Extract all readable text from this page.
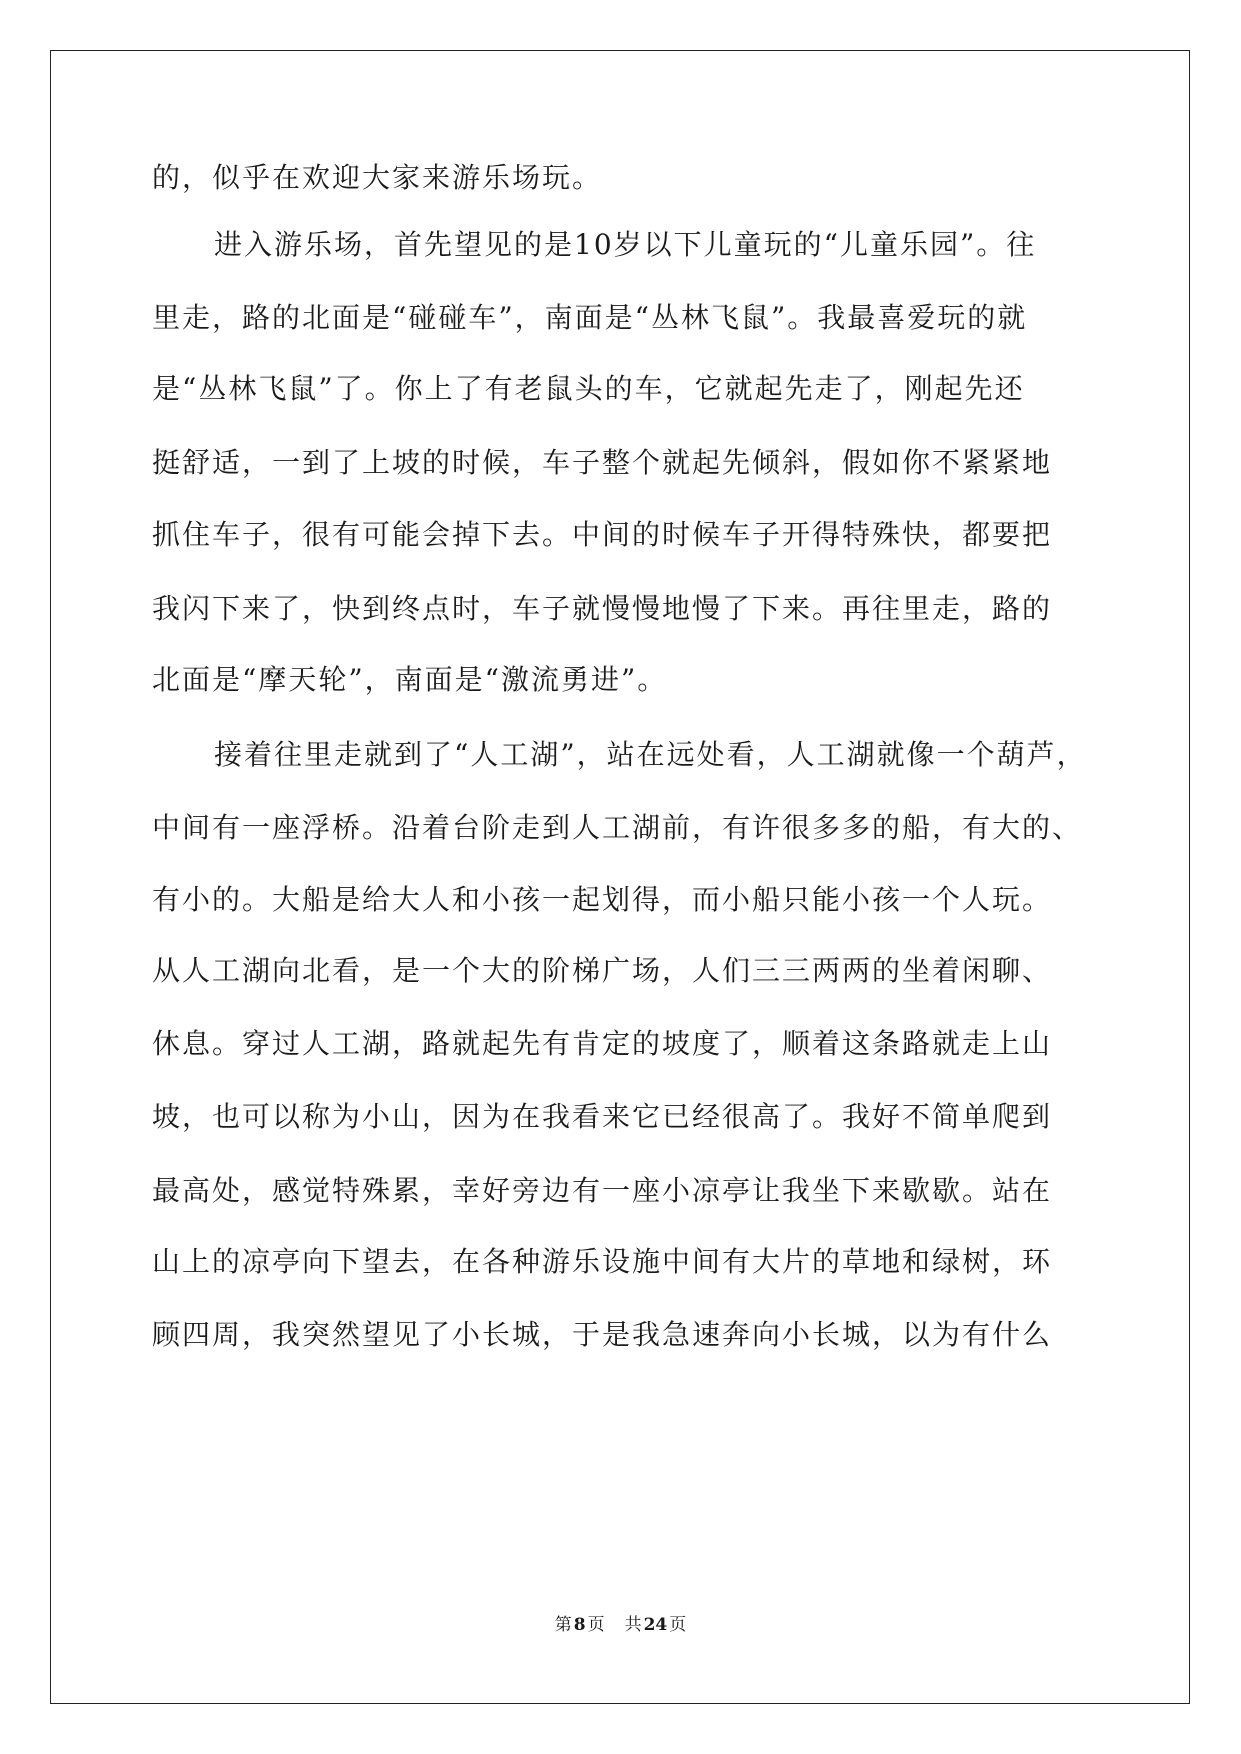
的，似乎在欢迎大家来游乐场玩。
进入游乐场，首先望见的是10岁以下儿童玩的“儿童乐园”。往
里走，路的北面是“碰碰车”，南面是“丛林飞鼠”。我最喜爱玩的就
是“丛林飞鼠”了。你上了有老鼠头的车，它就起先走了，刚起先还
挺舒适，一到了上坡的时候，车子整个就起先倾斜，假如你不紧紧地
抓住车子，很有可能会掉下去。中间的时候车子开得特殊快，都要把
我闪下来了，快到终点时，车子就慢慢地慢了下来。再往里走，路的
北面是“摩天轮”，南面是“激流勇进”。
接着往里走就到了“人工湖”，站在远处看，人工湖就像一个葫芦，
中间有一座浮桥。沿着台阶走到人工湖前，有许很多多的船，有大的、
有小的。大船是给大人和小孩一起划得，而小船只能小孩一个人玩。
从人工湖向北看，是一个大的阶梯广场，人们三三两两的坐着闲聊、
休息。穿过人工湖，路就起先有肯定的坡度了，顺着这条路就走上山
坡，也可以称为小山，因为在我看来它已经很高了。我好不简单爬到
最高处，感觉特殊累，幸好旁边有一座小凉亭让我坐下来歇歇。站在
山上的凉亭向下望去，在各种游乐设施中间有大片的草地和绿树，环
顾四周，我突然望见了小长城，于是我急速奔向小长城，以为有什么
第 8 页 共 24 页
